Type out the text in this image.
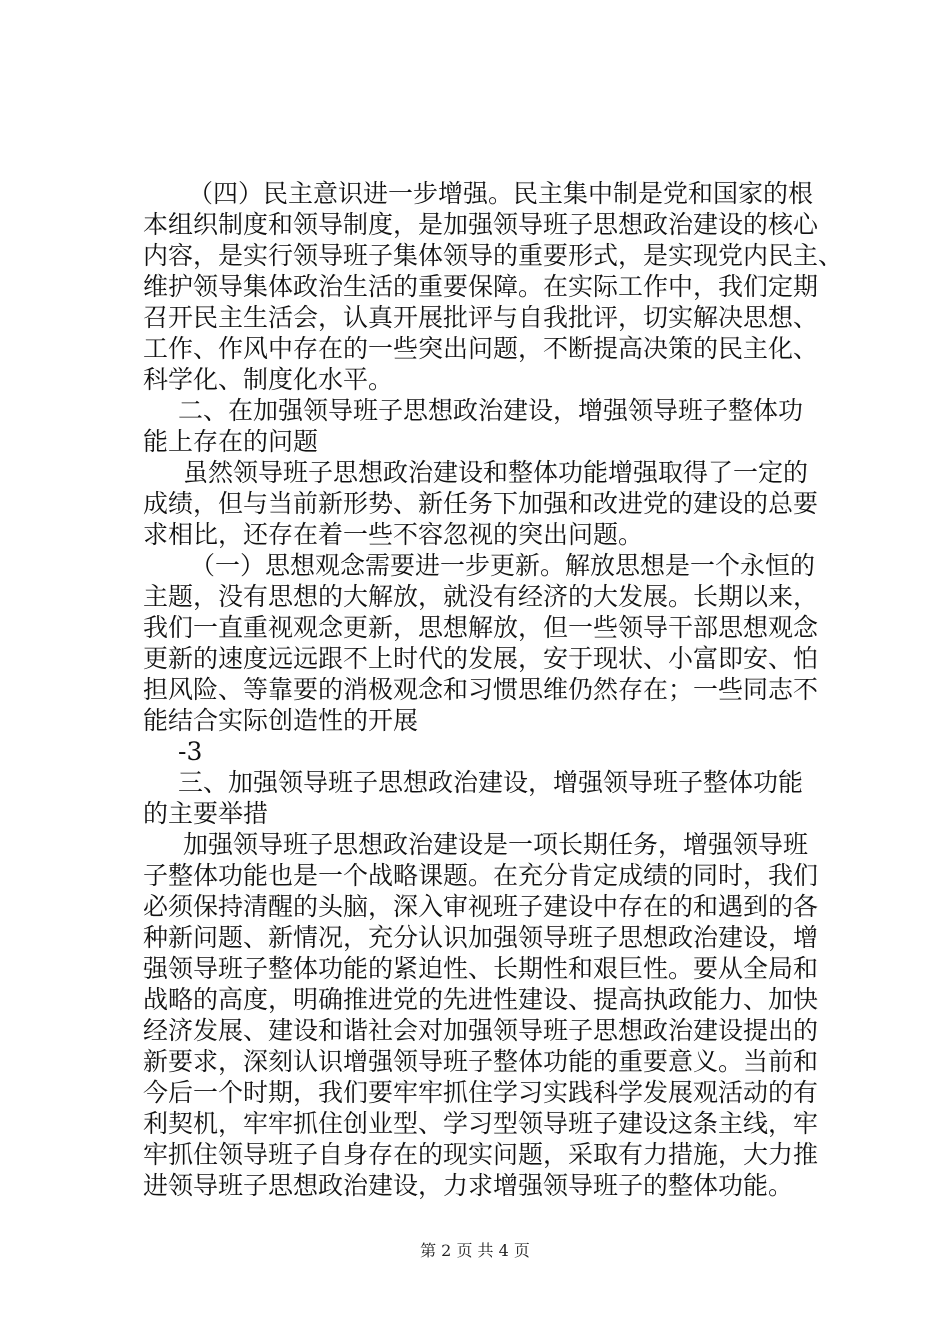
（四）民主意识进一步增强。民主集中制是党和国家的根
本组织制度和领导制度，是加强领导班子思想政治建设的核心
内容，是实行领导班子集体领导的重要形式，是实现党内民主、
维护领导集体政治生活的重要保障。在实际工作中，我们定期
召开民主生活会，认真开展批评与自我批评，切实解决思想、
工作、作风中存在的一些突出问题，不断提高决策的民主化、
科学化、制度化水平。
二、在加强领导班子思想政治建设，增强领导班子整体功
能上存在的问题
虽然领导班子思想政治建设和整体功能增强取得了一定的
成绩，但与当前新形势、新任务下加强和改进党的建设的总要
求相比，还存在着一些不容忽视的突出问题。
（一）思想观念需要进一步更新。解放思想是一个永恒的
主题，没有思想的大解放，就没有经济的大发展。长期以来，
我们一直重视观念更新，思想解放，但一些领导干部思想观念
更新的速度远远跟不上时代的发展，安于现状、小富即安、怕
担风险、等靠要的消极观念和习惯思维仍然存在；一些同志不
能结合实际创造性的开展
-3
三、加强领导班子思想政治建设，增强领导班子整体功能
的主要举措
加强领导班子思想政治建设是一项长期任务，增强领导班
子整体功能也是一个战略课题。在充分肯定成绩的同时，我们
必须保持清醒的头脑，深入审视班子建设中存在的和遇到的各
种新问题、新情况，充分认识加强领导班子思想政治建设，增
强领导班子整体功能的紧迫性、长期性和艰巨性。要从全局和
战略的高度，明确推进党的先进性建设、提高执政能力、加快
经济发展、建设和谐社会对加强领导班子思想政治建设提出的
新要求，深刻认识增强领导班子整体功能的重要意义。当前和
今后一个时期，我们要牢牢抓住学习实践科学发展观活动的有
利契机，牢牢抓住创业型、学习型领导班子建设这条主线，牢
牢抓住领导班子自身存在的现实问题，采取有力措施，大力推
进领导班子思想政治建设，力求增强领导班子的整体功能。
第 2 页 共 4 页
